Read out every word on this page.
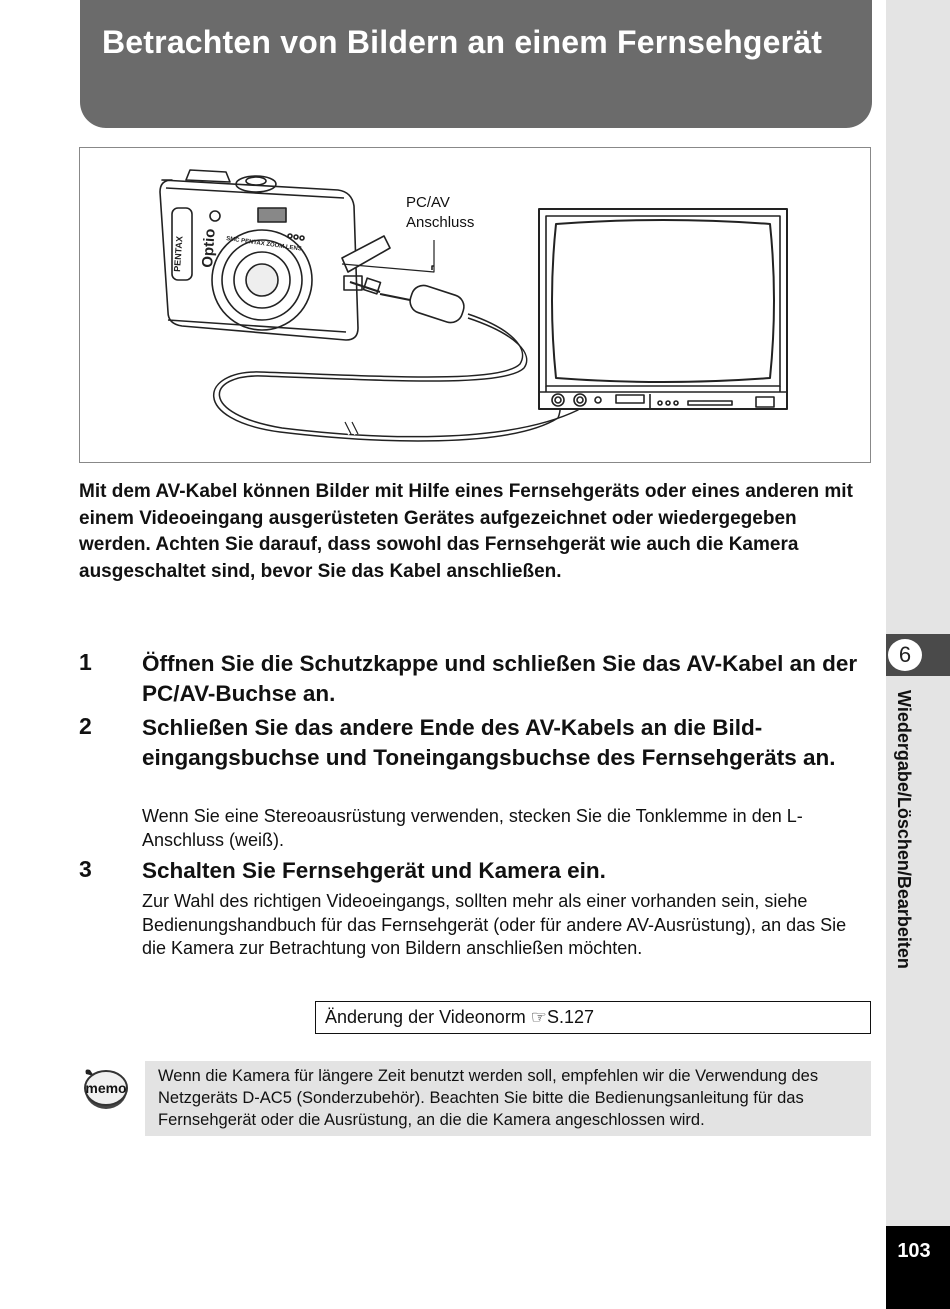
6
Wiedergabe/Löschen/Bearbeiten
103
Betrachten von Bildern an einem Fernsehgerät
PENTAX Optio SMC PENTAX ZOOM LENS
PC/AV
Anschluss

Mit dem AV-Kabel können Bilder mit Hilfe eines Fernsehgeräts oder eines anderen mit einem Videoeingang ausgerüsteten Gerätes aufgezeichnet oder wiedergegeben werden. Achten Sie darauf, dass sowohl das Fernsehgerät wie auch die Kamera ausgeschaltet sind, bevor Sie das Kabel anschließen.

1 Öffnen Sie die Schutzkappe und schließen Sie das AV-Kabel an der PC/AV-Buchse an.

2 Schließen Sie das andere Ende des AV-Kabels an die Bild-eingangsbuchse und Toneingangsbuchse des Fernsehgeräts an.

Wenn Sie eine Stereoausrüstung verwenden, stecken Sie die Tonklemme in den L-Anschluss (weiß).

3 Schalten Sie Fernsehgerät und Kamera ein.

Zur Wahl des richtigen Videoeingangs, sollten mehr als einer vorhanden sein, siehe Bedienungshandbuch für das Fernsehgerät (oder für andere AV-Ausrüstung), an das Sie die Kamera zur Betrachtung von Bildern anschließen möchten.

Änderung der Videonorm ☞S.127
memo
Wenn die Kamera für längere Zeit benutzt werden soll, empfehlen wir die Verwendung des Netzgeräts D-AC5 (Sonderzubehör). Beachten Sie bitte die Bedienungsanleitung für das Fernsehgerät oder die Ausrüstung, an die die Kamera angeschlossen wird.
